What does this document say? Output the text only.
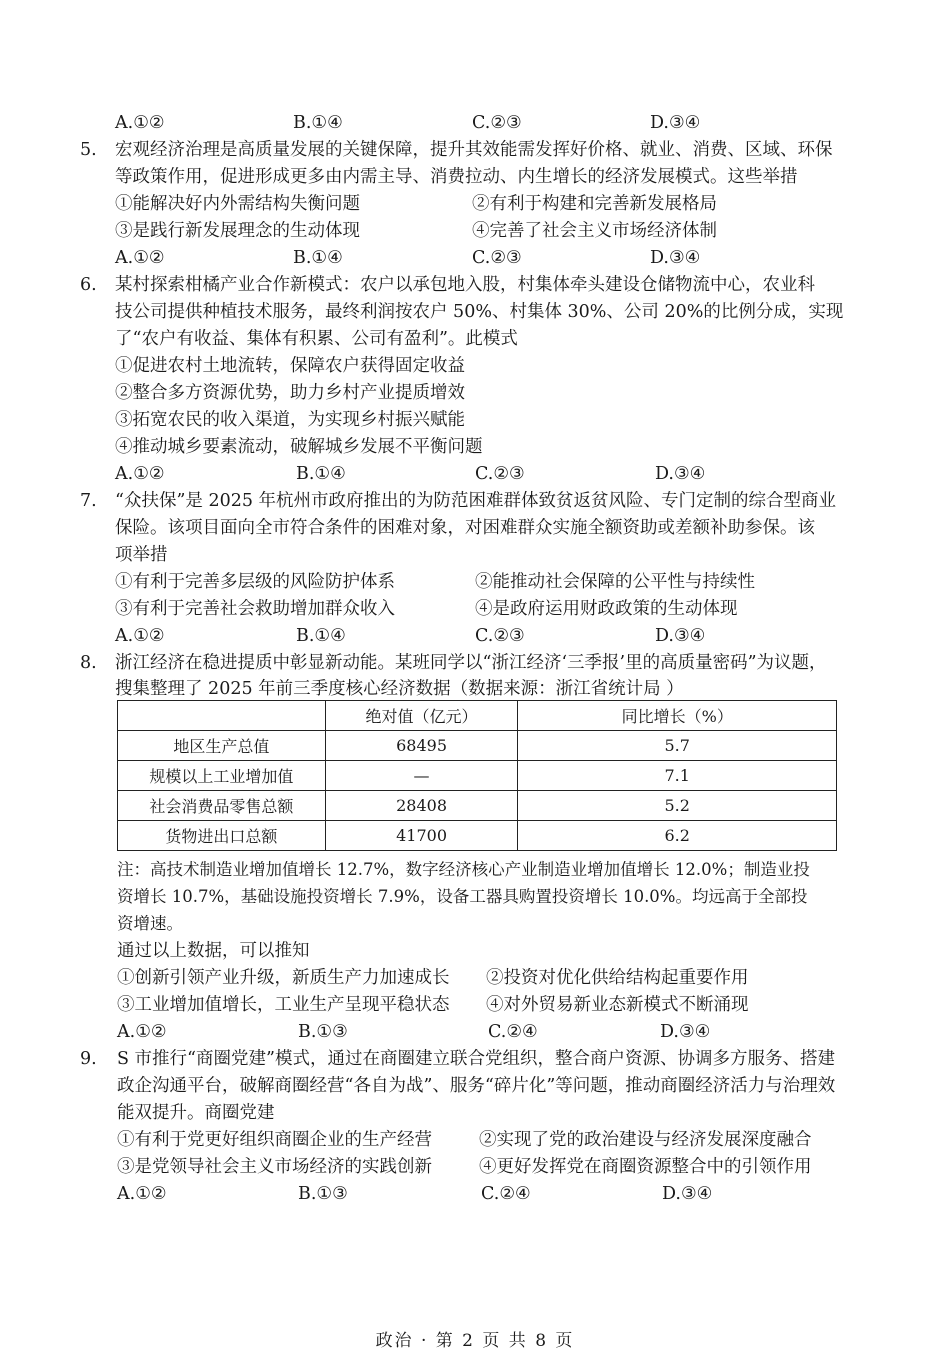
A.①②	B.①④	C.②③	D.③④
5. 宏观经济治理是高质量发展的关键保障，提升其效能需发挥好价格、就业、消费、区域、环保
等政策作用，促进形成更多由内需主导、消费拉动、内生增长的经济发展模式。这些举措
①能解决好内外需结构失衡问题	②有利于构建和完善新发展格局
③是践行新发展理念的生动体现	④完善了社会主义市场经济体制
A.①②	B.①④	C.②③	D.③④
6. 某村探索柑橘产业合作新模式：农户以承包地入股，村集体牵头建设仓储物流中心，农业科
技公司提供种植技术服务，最终利润按农户 50%、村集体 30%、公司 20%的比例分成，实现
了“农户有收益、集体有积累、公司有盈利”。此模式
①促进农村土地流转，保障农户获得固定收益
②整合多方资源优势，助力乡村产业提质增效
③拓宽农民的收入渠道，为实现乡村振兴赋能
④推动城乡要素流动，破解城乡发展不平衡问题
A.①②	B.①④	C.②③	D.③④
7. “众扶保”是 2025 年杭州市政府推出的为防范困难群体致贫返贫风险、专门定制的综合型商业
保险。该项目面向全市符合条件的困难对象，对困难群众实施全额资助或差额补助参保。该
项举措
①有利于完善多层级的风险防护体系	②能推动社会保障的公平性与持续性
③有利于完善社会救助增加群众收入	④是政府运用财政政策的生动体现
A.①②	B.①④	C.②③	D.③④
8. 浙江经济在稳进提质中彰显新动能。某班同学以“浙江经济‘三季报’里的高质量密码”为议题，
搜集整理了 2025 年前三季度核心经济数据（数据来源：浙江省统计局 ）
	绝对值（亿元）	同比增长（%）
地区生产总值	68495	5.7
规模以上工业增加值	—	7.1
社会消费品零售总额	28408	5.2
货物进出口总额	41700	6.2
注：高技术制造业增加值增长 12.7%，数字经济核心产业制造业增加值增长 12.0%；制造业投
资增长 10.7%，基础设施投资增长 7.9%，设备工器具购置投资增长 10.0%。均远高于全部投
资增速。
通过以上数据，可以推知
①创新引领产业升级，新质生产力加速成长 ②投资对优化供给结构起重要作用
③工业增加值增长，工业生产呈现平稳状态 ④对外贸易新业态新模式不断涌现
A.①②	B.①③	C.②④	D.③④
9. S 市推行“商圈党建”模式，通过在商圈建立联合党组织，整合商户资源、协调多方服务、搭建
政企沟通平台，破解商圈经营“各自为战”、服务“碎片化”等问题，推动商圈经济活力与治理效
能双提升。商圈党建
①有利于党更好组织商圈企业的生产经营	②实现了党的政治建设与经济发展深度融合
③是党领导社会主义市场经济的实践创新	④更好发挥党在商圈资源整合中的引领作用
A.①②	B.①③	C.②④	D.③④
政治 · 第 2 页 共 8 页
